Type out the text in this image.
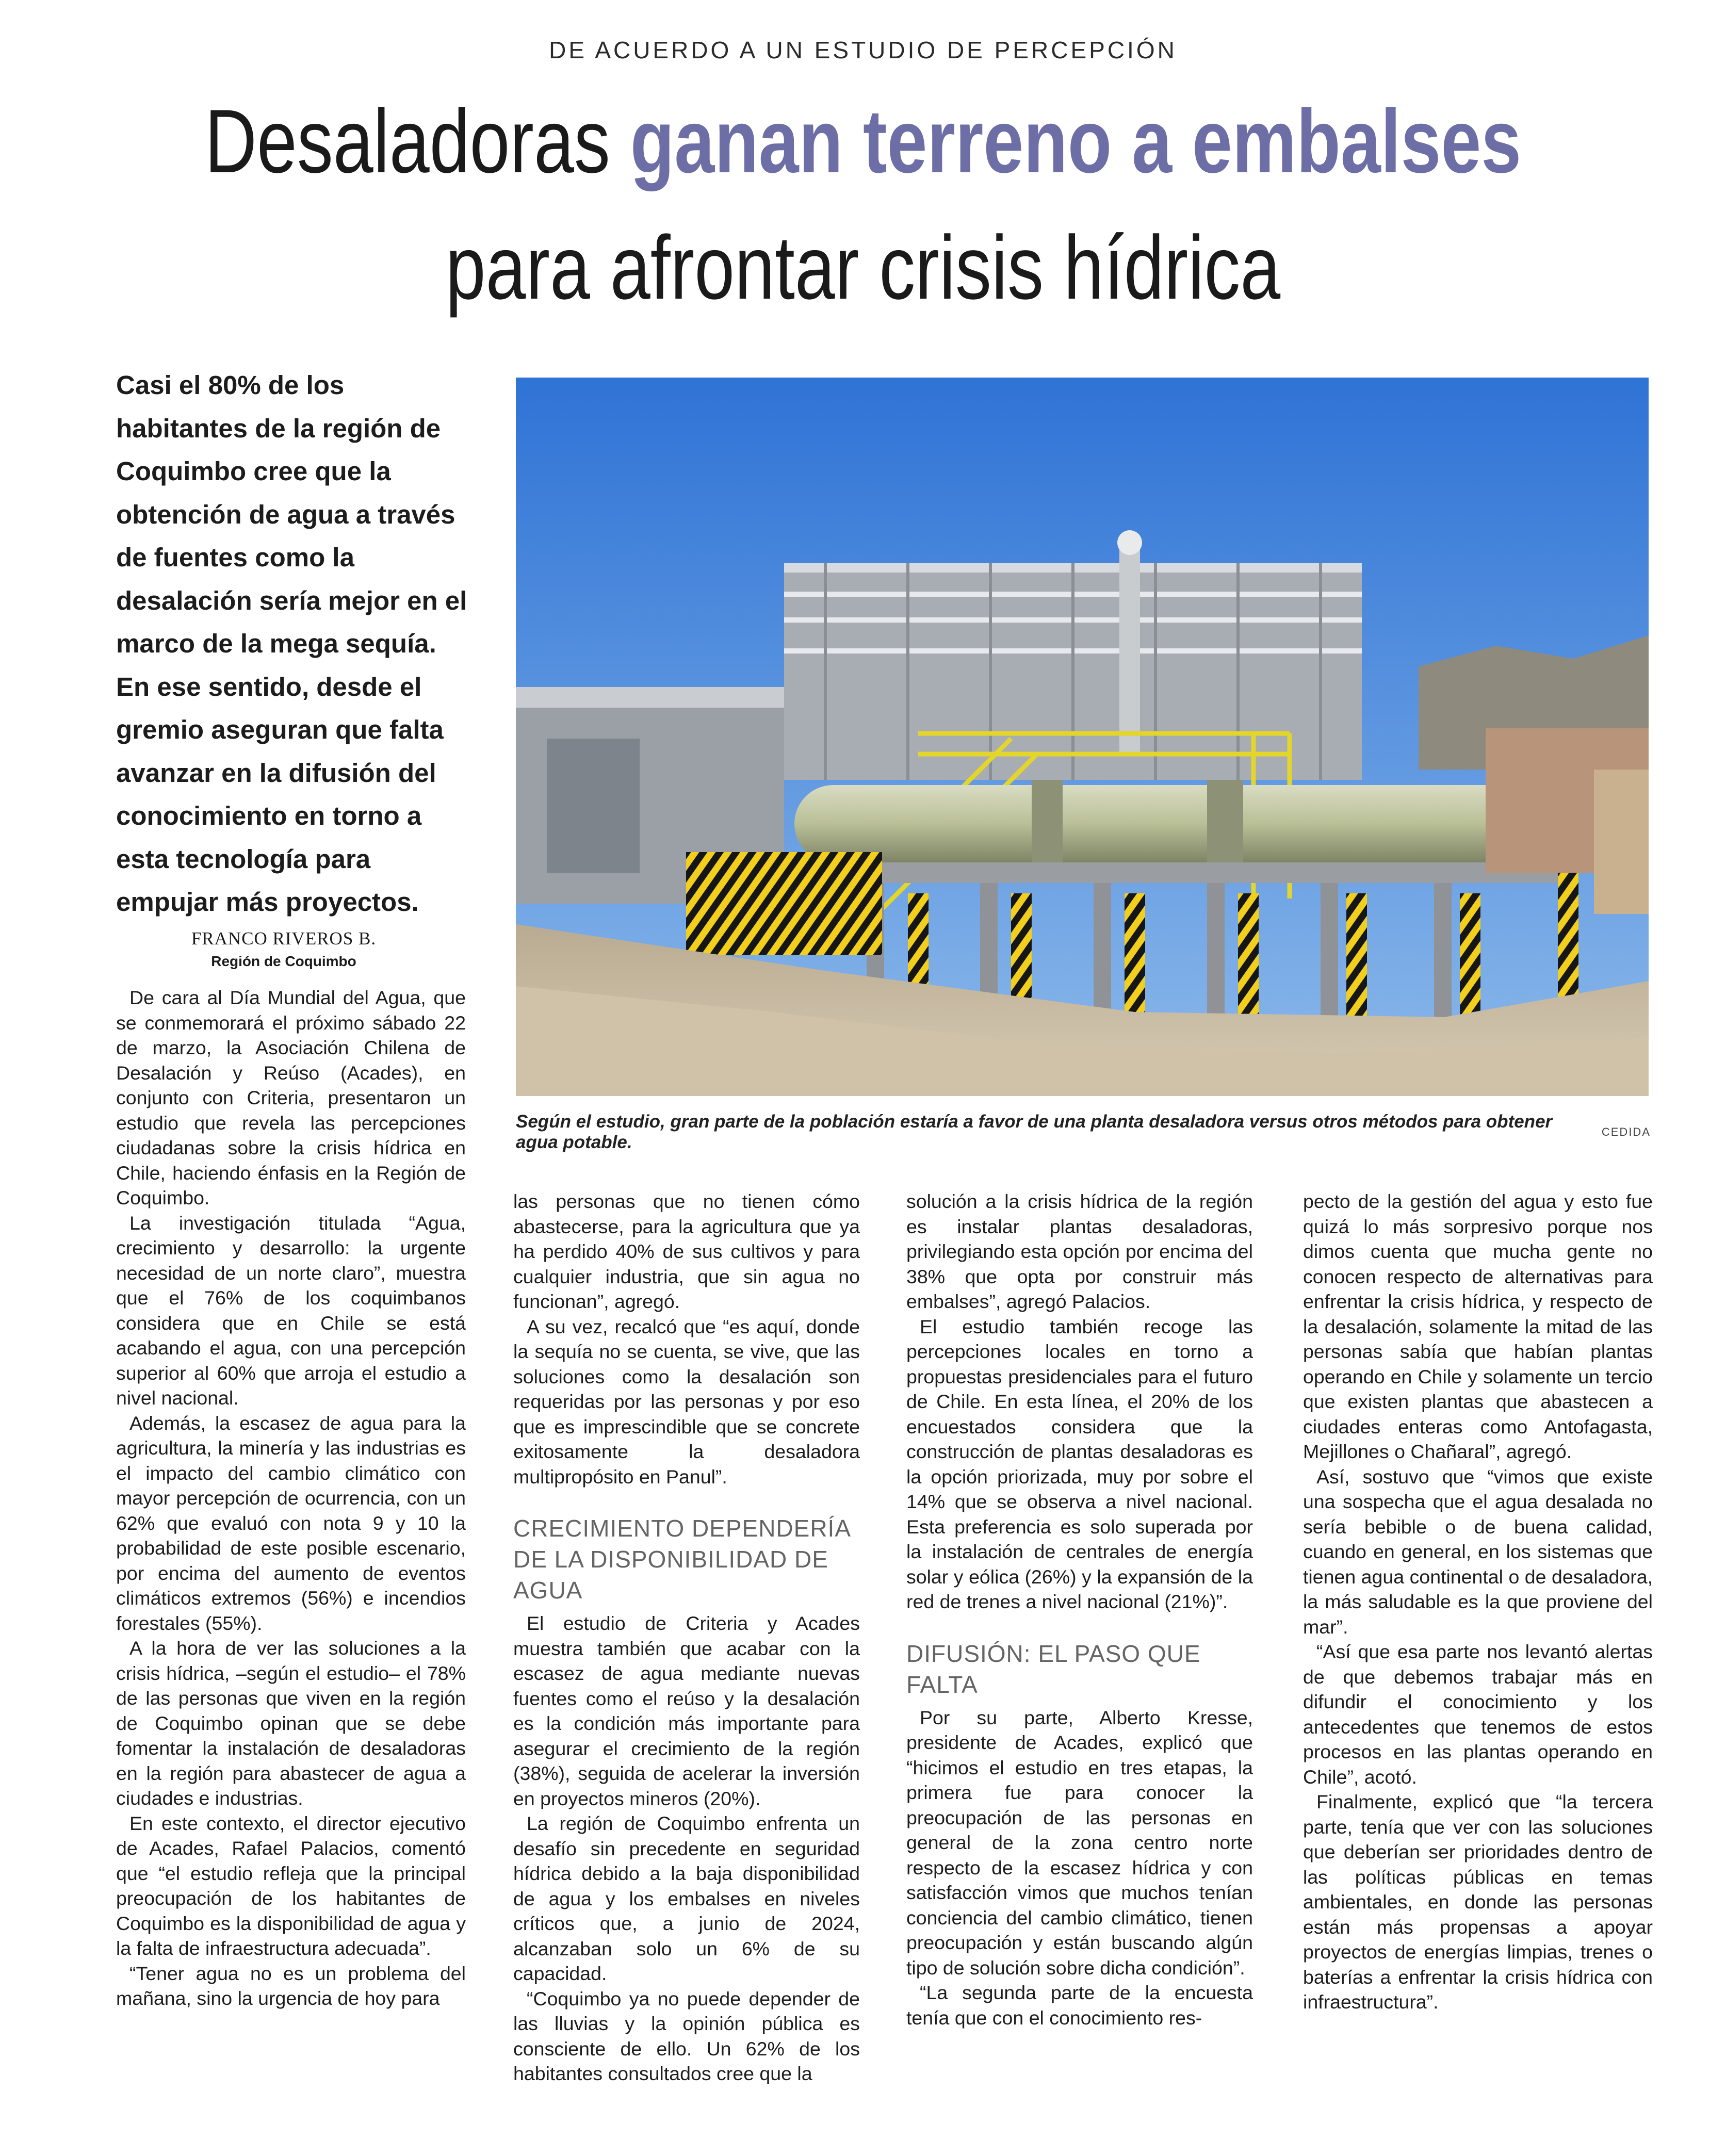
DE ACUERDO A UN ESTUDIO DE PERCEPCIÓN
Desaladoras ganan terreno a embalses
para afrontar crisis hídrica
Casi el 80% de los habitantes de la región de Coquimbo cree que la obtención de agua a través de fuentes como la desalación sería mejor en el marco de la mega sequía. En ese sentido, desde el gremio aseguran que falta avanzar en la difusión del conocimiento en torno a esta tecnología para empujar más proyectos.
FRANCO RIVEROS B.
Región de Coquimbo
Según el estudio, gran parte de la población estaría a favor de una planta desaladora versus otros métodos para obtener agua potable.
CEDIDA

De cara al Día Mundial del Agua, que se conmemorará el próximo sábado 22 de marzo, la Asociación Chilena de Desalación y Reúso (Acades), en conjunto con Criteria, presentaron un estudio que revela las percepciones ciudadanas sobre la crisis hídrica en Chile, haciendo énfasis en la Región de Coquimbo.

La investigación titulada “Agua, crecimiento y desarrollo: la urgente necesidad de un norte claro”, muestra que el 76% de los coquimbanos considera que en Chile se está acabando el agua, con una percepción superior al 60% que arroja el estudio a nivel nacional.

Además, la escasez de agua para la agricultura, la minería y las industrias es el impacto del cambio climático con mayor percepción de ocurrencia, con un 62% que evaluó con nota 9 y 10 la probabilidad de este posible escenario, por encima del aumento de eventos climáticos extremos (56%) e incendios forestales (55%).

A la hora de ver las soluciones a la crisis hídrica, –según el estudio– el 78% de las personas que viven en la región de Coquimbo opinan que se debe fomentar la instalación de desaladoras en la región para abastecer de agua a ciudades e industrias.

En este contexto, el director ejecutivo de Acades, Rafael Palacios, comentó que “el estudio refleja que la principal preocupación de los habitantes de Coquimbo es la disponibilidad de agua y la falta de infraestructura adecuada”.

“Tener agua no es un problema del mañana, sino la urgencia de hoy para

las personas que no tienen cómo abastecerse, para la agricultura que ya ha perdido 40% de sus cultivos y para cualquier industria, que sin agua no funcionan”, agregó.

A su vez, recalcó que “es aquí, donde la sequía no se cuenta, se vive, que las soluciones como la desalación son requeridas por las personas y por eso que es imprescindible que se concrete exitosamente la desaladora multipropósito en Panul”.

CRECIMIENTO DEPENDERÍA DE LA DISPONIBILIDAD DE AGUA

El estudio de Criteria y Acades muestra también que acabar con la escasez de agua mediante nuevas fuentes como el reúso y la desalación es la condición más importante para asegurar el crecimiento de la región (38%), seguida de acelerar la inversión en proyectos mineros (20%).

La región de Coquimbo enfrenta un desafío sin precedente en seguridad hídrica debido a la baja disponibilidad de agua y los embalses en niveles críticos que, a junio de 2024, alcanzaban solo un 6% de su capacidad.

“Coquimbo ya no puede depender de las lluvias y la opinión pública es consciente de ello. Un 62% de los habitantes consultados cree que la

solución a la crisis hídrica de la región es instalar plantas desaladoras, privilegiando esta opción por encima del 38% que opta por construir más embalses”, agregó Palacios.

El estudio también recoge las percepciones locales en torno a propuestas presidenciales para el futuro de Chile. En esta línea, el 20% de los encuestados considera que la construcción de plantas desaladoras es la opción priorizada, muy por sobre el 14% que se observa a nivel nacional. Esta preferencia es solo superada por la instalación de centrales de energía solar y eólica (26%) y la expansión de la red de trenes a nivel nacional (21%)”.

DIFUSIÓN: EL PASO QUE FALTA

Por su parte, Alberto Kresse, presidente de Acades, explicó que “hicimos el estudio en tres etapas, la primera fue para conocer la preocupación de las personas en general de la zona centro norte respecto de la escasez hídrica y con satisfacción vimos que muchos tenían conciencia del cambio climático, tienen preocupación y están buscando algún tipo de solución sobre dicha condición”.

“La segunda parte de la encuesta tenía que con el conocimiento res-

pecto de la gestión del agua y esto fue quizá lo más sorpresivo porque nos dimos cuenta que mucha gente no conocen respecto de alternativas para enfrentar la crisis hídrica, y respecto de la desalación, solamente la mitad de las personas sabía que habían plantas operando en Chile y solamente un tercio que existen plantas que abastecen a ciudades enteras como Antofagasta, Mejillones o Chañaral”, agregó.

Así, sostuvo que “vimos que existe una sospecha que el agua desalada no sería bebible o de buena calidad, cuando en general, en los sistemas que tienen agua continental o de desaladora, la más saludable es la que proviene del mar”.

“Así que esa parte nos levantó alertas de que debemos trabajar más en difundir el conocimiento y los antecedentes que tenemos de estos procesos en las plantas operando en Chile”, acotó.

Finalmente, explicó que “la tercera parte, tenía que ver con las soluciones que deberían ser prioridades dentro de las políticas públicas en temas ambientales, en donde las personas están más propensas a apoyar proyectos de energías limpias, trenes o baterías a enfrentar la crisis hídrica con infraestructura”.
